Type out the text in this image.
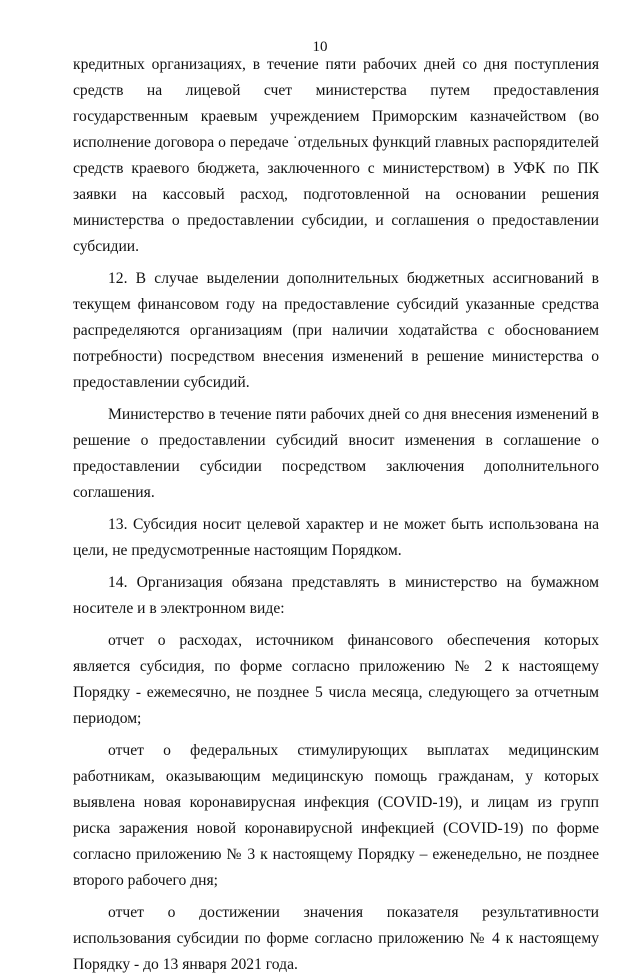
10

кредитных организациях, в течение пяти рабочих дней со дня поступления средств на лицевой счет министерства путем предоставления государственным краевым учреждением Приморским казначейством (во исполнение договора о передаче ˙отдельных функций главных распорядителей средств краевого бюджета, заключенного с министерством) в УФК по ПК заявки на кассовый расход, подготовленной на основании решения министерства о предоставлении субсидии, и соглашения о предоставлении субсидии.

12. В случае выделении дополнительных бюджетных ассигнований в текущем финансовом году на предоставление субсидий указанные средства распределяются организациям (при наличии ходатайства с обоснованием потребности) посредством внесения изменений в решение министерства о предоставлении субсидий.

Министерство в течение пяти рабочих дней со дня внесения изменений в решение о предоставлении субсидий вносит изменения в соглашение о предоставлении субсидии посредством заключения дополнительного соглашения.

13. Субсидия носит целевой характер и не может быть использована на цели, не предусмотренные настоящим Порядком.

14. Организация обязана представлять в министерство на бумажном носителе и в электронном виде:

отчет о расходах, источником финансового обеспечения которых является субсидия, по форме согласно приложению № 2 к настоящему Порядку - ежемесячно, не позднее 5 числа месяца, следующего за отчетным периодом;

отчет о федеральных стимулирующих выплатах медицинским работникам, оказывающим медицинскую помощь гражданам, у которых выявлена новая коронавирусная инфекция (COVID-19), и лицам из групп риска заражения новой коронавирусной инфекцией (COVID-19) по форме согласно приложению № 3 к настоящему Порядку – еженедельно, не позднее второго рабочего дня;

отчет о достижении значения показателя результативности использования субсидии по форме согласно приложению № 4 к настоящему Порядку - до 13 января 2021 года.
